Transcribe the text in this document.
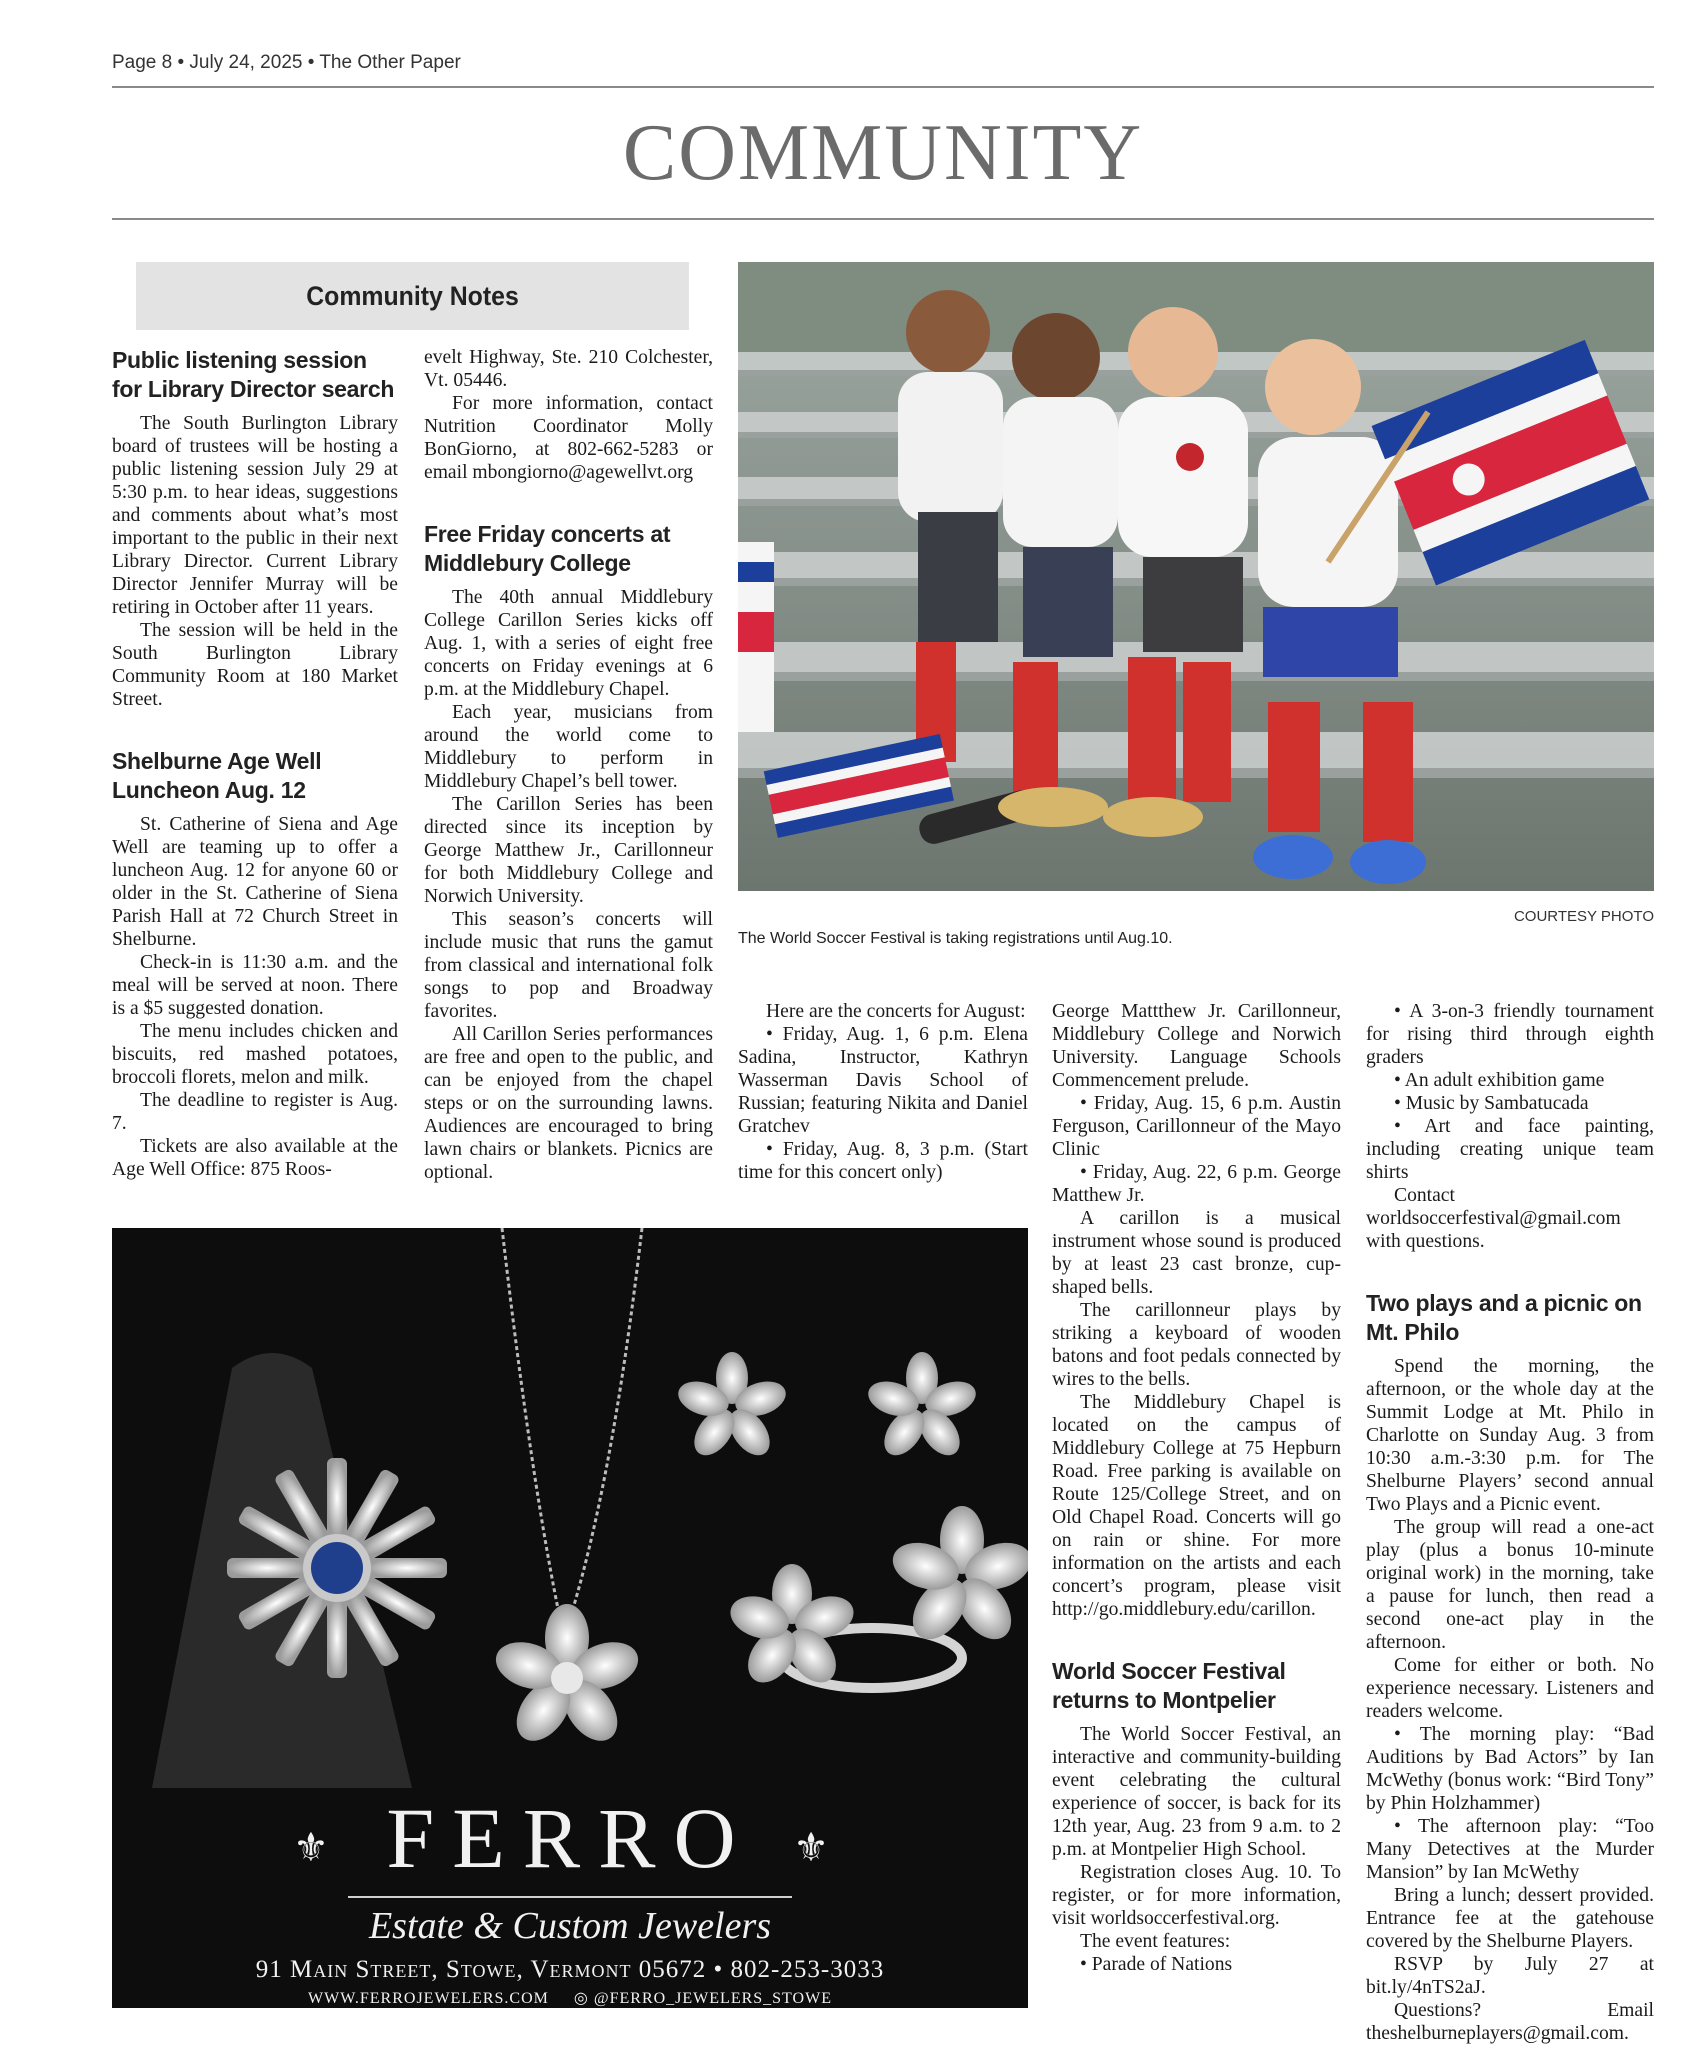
Page 8 • July 24, 2025 • The Other Paper
COMMUNITY
Community Notes
Public listening session for Library Director search

The South Burlington Library board of trustees will be hosting a public listening session July 29 at 5:30 p.m. to hear ideas, suggestions and comments about what’s most important to the public in their next Library Director. Current Library Director Jennifer Murray will be retiring in October after 11 years.

The session will be held in the South Burlington Library Community Room at 180 Market Street.

Shelburne Age Well Luncheon Aug. 12

St. Catherine of Siena and Age Well are teaming up to offer a luncheon Aug. 12 for anyone 60 or older in the St. Catherine of Siena Parish Hall at 72 Church Street in Shelburne.

Check-in is 11:30 a.m. and the meal will be served at noon. There is a $5 suggested donation.

The menu includes chicken and biscuits, red mashed potatoes, broccoli florets, melon and milk.

The deadline to register is Aug. 7.

Tickets are also available at the Age Well Office: 875 Roos-

evelt Highway, Ste. 210 Colchester, Vt. 05446.

For more information, contact Nutrition Coordinator Molly BonGiorno, at 802-662-5283 or email mbongiorno@agewellvt.org

Free Friday concerts at Middlebury College

The 40th annual Middlebury College Carillon Series kicks off Aug. 1, with a series of eight free concerts on Friday evenings at 6 p.m. at the Middlebury Chapel.

Each year, musicians from around the world come to Middlebury to perform in Middlebury Chapel’s bell tower.

The Carillon Series has been directed since its inception by George Matthew Jr., Carillonneur for both Middlebury College and Norwich University.

This season’s concerts will include music that runs the gamut from classical and international folk songs to pop and Broadway favorites.

All Carillon Series performances are free and open to the public, and can be enjoyed from the chapel steps or on the surrounding lawns. Audiences are encouraged to bring lawn chairs or blankets. Picnics are optional.

COURTESY PHOTO
The World Soccer Festival is taking registrations until Aug.10.

Here are the concerts for August:

• Friday, Aug. 1, 6 p.m. Elena Sadina, Instructor, Kathryn Wasserman Davis School of Russian; featuring Nikita and Daniel Gratchev

• Friday, Aug. 8, 3 p.m. (Start time for this concert only)

George Mattthew Jr. Carillonneur, Middlebury College and Norwich University. Language Schools Commencement prelude.

• Friday, Aug. 15, 6 p.m. Austin Ferguson, Carillonneur of the Mayo Clinic

• Friday, Aug. 22, 6 p.m. George Matthew Jr.

A carillon is a musical instrument whose sound is produced by at least 23 cast bronze, cup-shaped bells.

The carillonneur plays by striking a keyboard of wooden batons and foot pedals connected by wires to the bells.

The Middlebury Chapel is located on the campus of Middlebury College at 75 Hepburn Road. Free parking is available on Route 125/College Street, and on Old Chapel Road. Concerts will go on rain or shine. For more information on the artists and each concert’s program, please visit http://go.middlebury.edu/carillon.

World Soccer Festival returns to Montpelier

The World Soccer Festival, an interactive and community-building event celebrating the cultural experience of soccer, is back for its 12th year, Aug. 23 from 9 a.m. to 2 p.m. at Montpelier High School.

Registration closes Aug. 10. To register, or for more information, visit worldsoccerfestival.org.

The event features:

• Parade of Nations

• A 3-on-3 friendly tournament for rising third through eighth graders

• An adult exhibition game

• Music by Sambatucada

• Art and face painting, including creating unique team shirts

Contact worldsoccerfestival@gmail.com with questions.

Two plays and a picnic on Mt. Philo

Spend the morning, the afternoon, or the whole day at the Summit Lodge at Mt. Philo in Charlotte on Sunday Aug. 3 from 10:30 a.m.-3:30 p.m. for The Shelburne Players’ second annual Two Plays and a Picnic event.

The group will read a one-act play (plus a bonus 10-minute original work) in the morning, take a pause for lunch, then read a second one-act play in the afternoon.

Come for either or both. No experience necessary. Listeners and readers welcome.

• The morning play: “Bad Auditions by Bad Actors” by Ian McWethy (bonus work: “Bird Tony” by Phin Holzhammer)

• The afternoon play: “Too Many Detectives at the Murder Mansion” by Ian McWethy

Bring a lunch; dessert provided. Entrance fee at the gatehouse covered by the Shelburne Players.

RSVP by July 27 at bit.ly/4nTS2aJ.

Questions? Email theshelburneplayers@gmail.com.

⚜ FERRO ⚜
Estate & Custom Jewelers
91 Main Street, Stowe, Vermont 05672 • 802-253-3033
WWW.FERROJEWELERS.COM ◎ @FERRO_JEWELERS_STOWE
